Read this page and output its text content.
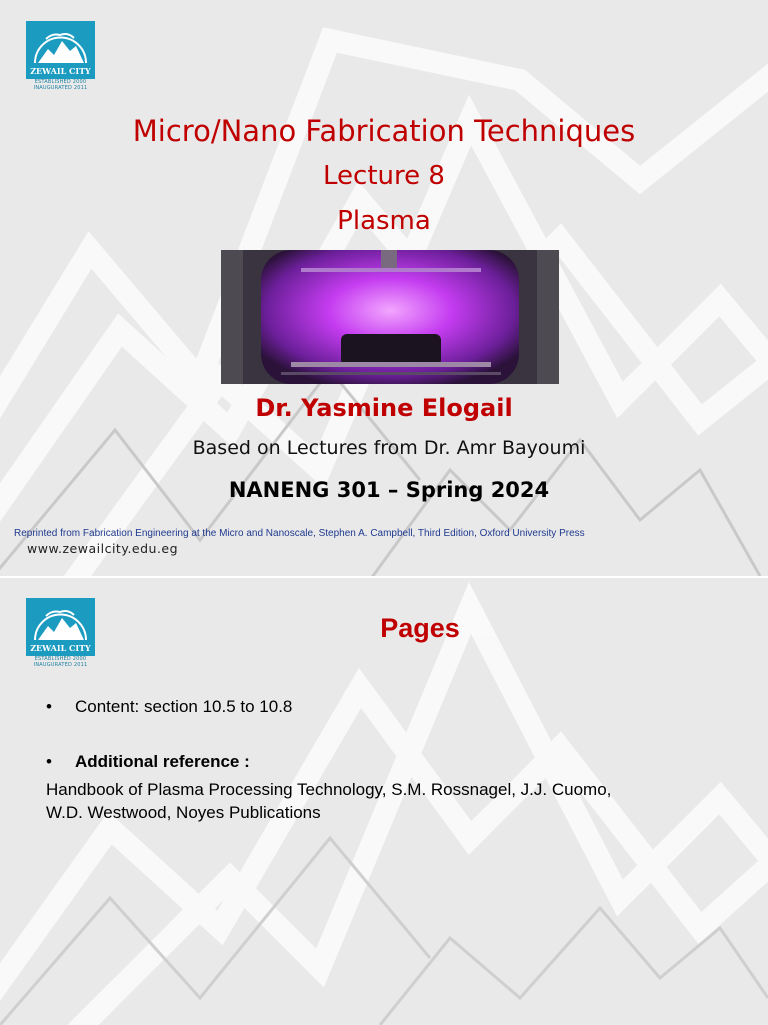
ZEWAIL CITY
ESTABLISHED 2000
INAUGURATED 2011
Micro/Nano Fabrication Techniques
Lecture 8
Plasma
Dr. Yasmine Elogail
Based on Lectures from Dr. Amr Bayoumi
NANENG 301 – Spring 2024
Reprinted from Fabrication Engineering at the Micro and Nanoscale, Stephen A. Campbell, Third Edition, Oxford University Press
www.zewailcity.edu.eg
ZEWAIL CITY
ESTABLISHED 2000
INAUGURATED 2011
Pages
• Content: section 10.5 to 10.8
• Additional reference :
Handbook of Plasma Processing Technology, S.M. Rossnagel, J.J. Cuomo,
W.D. Westwood, Noyes Publications
